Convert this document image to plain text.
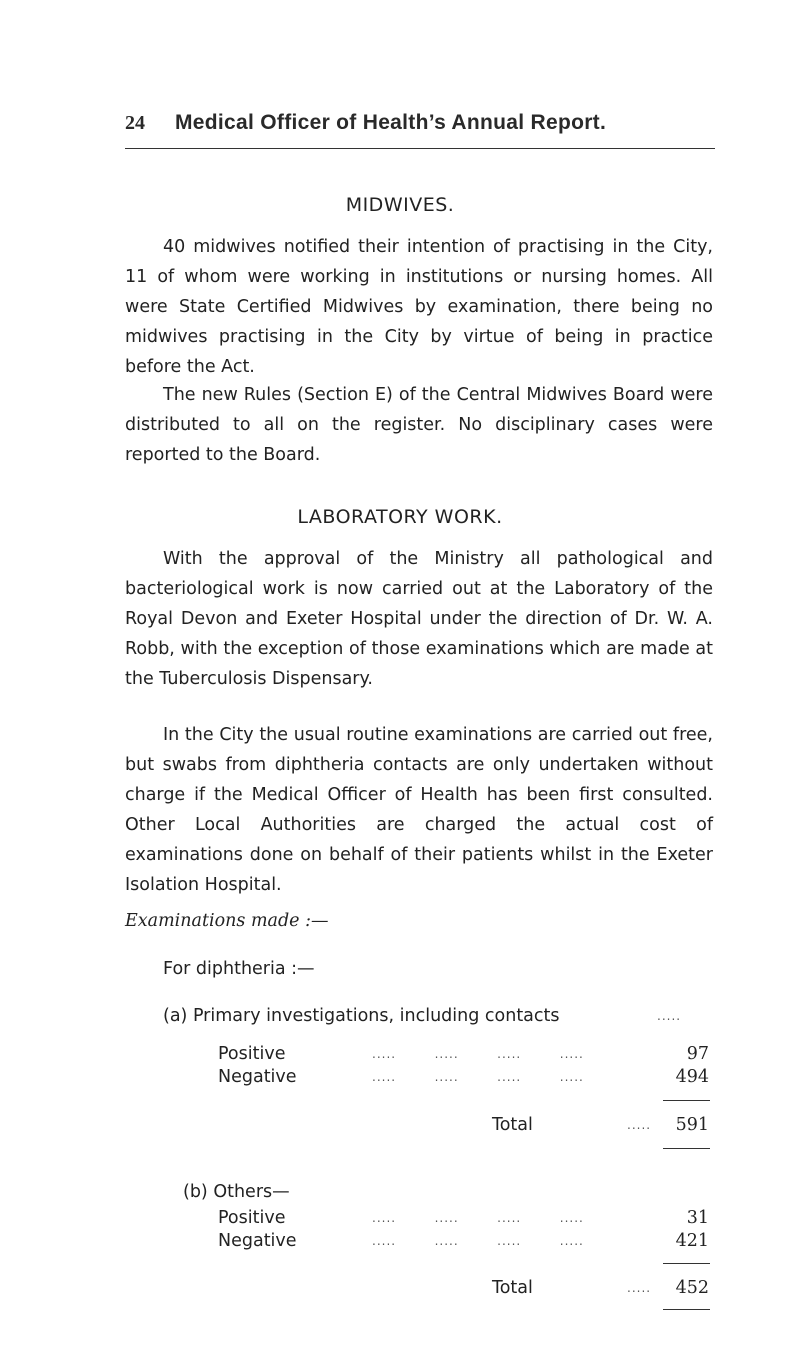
24 Medical Officer of Health’s Annual Report.
MIDWIVES.

40 midwives notified their intention of practising in the City, 11 of whom were working in institutions or nursing homes. All were State Certified Midwives by examination, there being no midwives practising in the City by virtue of being in practice before the Act.

The new Rules (Section E) of the Central Midwives Board were distributed to all on the register. No disciplinary cases were reported to the Board.

LABORATORY WORK.

With the approval of the Ministry all pathological and bacteriological work is now carried out at the Laboratory of the Royal Devon and Exeter Hospital under the direction of Dr. W. A. Robb, with the exception of those examinations which are made at the Tuberculosis Dispensary.

In the City the usual routine examinations are carried out free, but swabs from diphtheria contacts are only undertaken without charge if the Medical Officer of Health has been first consulted. Other Local Authorities are charged the actual cost of examinations done on behalf of their patients whilst in the Exeter Isolation Hospital.

Examinations made :—
For diphtheria :—
(a) Primary investigations, including contacts	.....
Positive	.....        .....        .....        .....	97
Negative	.....        .....        .....        .....	494
Total	.....	591
(b) Others—
Positive	.....        .....        .....        .....	31
Negative	.....        .....        .....        .....	421
Total	.....	452
